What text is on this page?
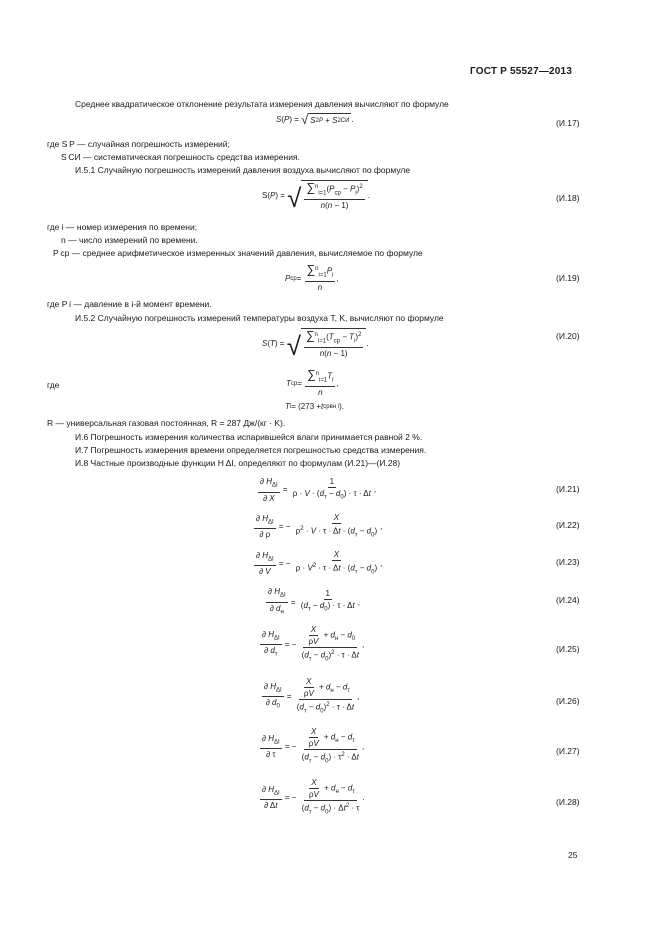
ГОСТ Р 55527—2013
Среднее квадратическое отклонение результата измерения давления вычисляют по формуле
S ( P ) = √ S 2 P + S 2 СИ .	(И.17)
где S P — случайная погрешность измерений;
S СИ — систематическая погрешность средства измерения.
И.5.1 Случайную погрешность измерений давления воздуха вычисляют по формуле
S( P ) = √ $\frac{\sum^n_{i=1}(P_{ср} - P_i)^2}{n(n - 1)}$ .	(И.18)
где i — номер измерения по времени;
n — число измерений по времени.
P ср — среднее арифметическое измеренных значений давления, вычисляемое по формуле
P ср = $\frac{\sum^n_{i=1}P_i}{n}$ ,	(И.19)
где P i — давление в i-й момент времени.
И.5.2 Случайную погрешность измерений температуры воздуха T, K, вычисляют по формуле
S ( T ) = √ $\frac{\sum^n_{i=1}(T_{ср} - T_i)^2}{n(n - 1)}$ .
(И.20)
где	T ср = $\frac{\sum^n_{i=1}T_i}{n}$ ,
T i = (273 + t ср вн i ).
R — универсальная газовая постоянная, R = 287 Дж/(кг · K).
И.6 Погрешность измерения количества испарившейся влаги принимается равной 2 %.
И.7 Погрешность измерения времени определяется погрешностью средства измерения.
И.8 Частные производные функции H ΔI, определяют по формулам (И.21)—(И.28)
$\frac{\partial H_{\Delta I}}{\partial X} = \frac{1}{\rho \cdot V \cdot (d_т - d_0) \cdot \tau \cdot \Delta t}$ ,	(И.21)
$\frac{\partial H_{\Delta I}}{\partial \rho}$ = − $\frac{X}{\rho^2 \cdot V \cdot \tau \cdot \Delta t \cdot (d_т - d_0)}$ ,	(И.22)
$\frac{\partial H_{\Delta I}}{\partial V}$ = − $\frac{X}{\rho \cdot V^2 \cdot \tau \cdot \Delta t \cdot (d_т - d_0)}$ ,	(И.23)
$\frac{\partial H_{\Delta I}}{\partial d_н} = \frac{1}{(d_т - d_0) \cdot \tau \cdot \Delta t}$ ,	(И.24)
$\frac{\partial H_{\Delta I}}{\partial d_т}$ = − $\frac{\frac{X}{\rho V} + d_н - d_0}{(d_т - d_0)^2 \cdot \tau \cdot \Delta t}$ ,	(И.25)
$\frac{\partial H_{\Delta I}}{\partial d_0} = \frac{\frac{X}{\rho V} + d_н - d_т}{(d_т - d_0)^2 \cdot \tau \cdot \Delta t}$ ,	(И.26)
$\frac{\partial H_{\Delta I}}{\partial \tau}$ = − $\frac{\frac{X}{\rho V} + d_н - d_т}{(d_т - d_0) \cdot \tau^2 \cdot \Delta t}$ ,	(И.27)
$\frac{\partial H_{\Delta I}}{\partial \Delta t}$ = − $\frac{\frac{X}{\rho V} + d_н - d_т}{(d_т - d_0) \cdot \Delta t^2 \cdot \tau}$ .	(И.28)
25
